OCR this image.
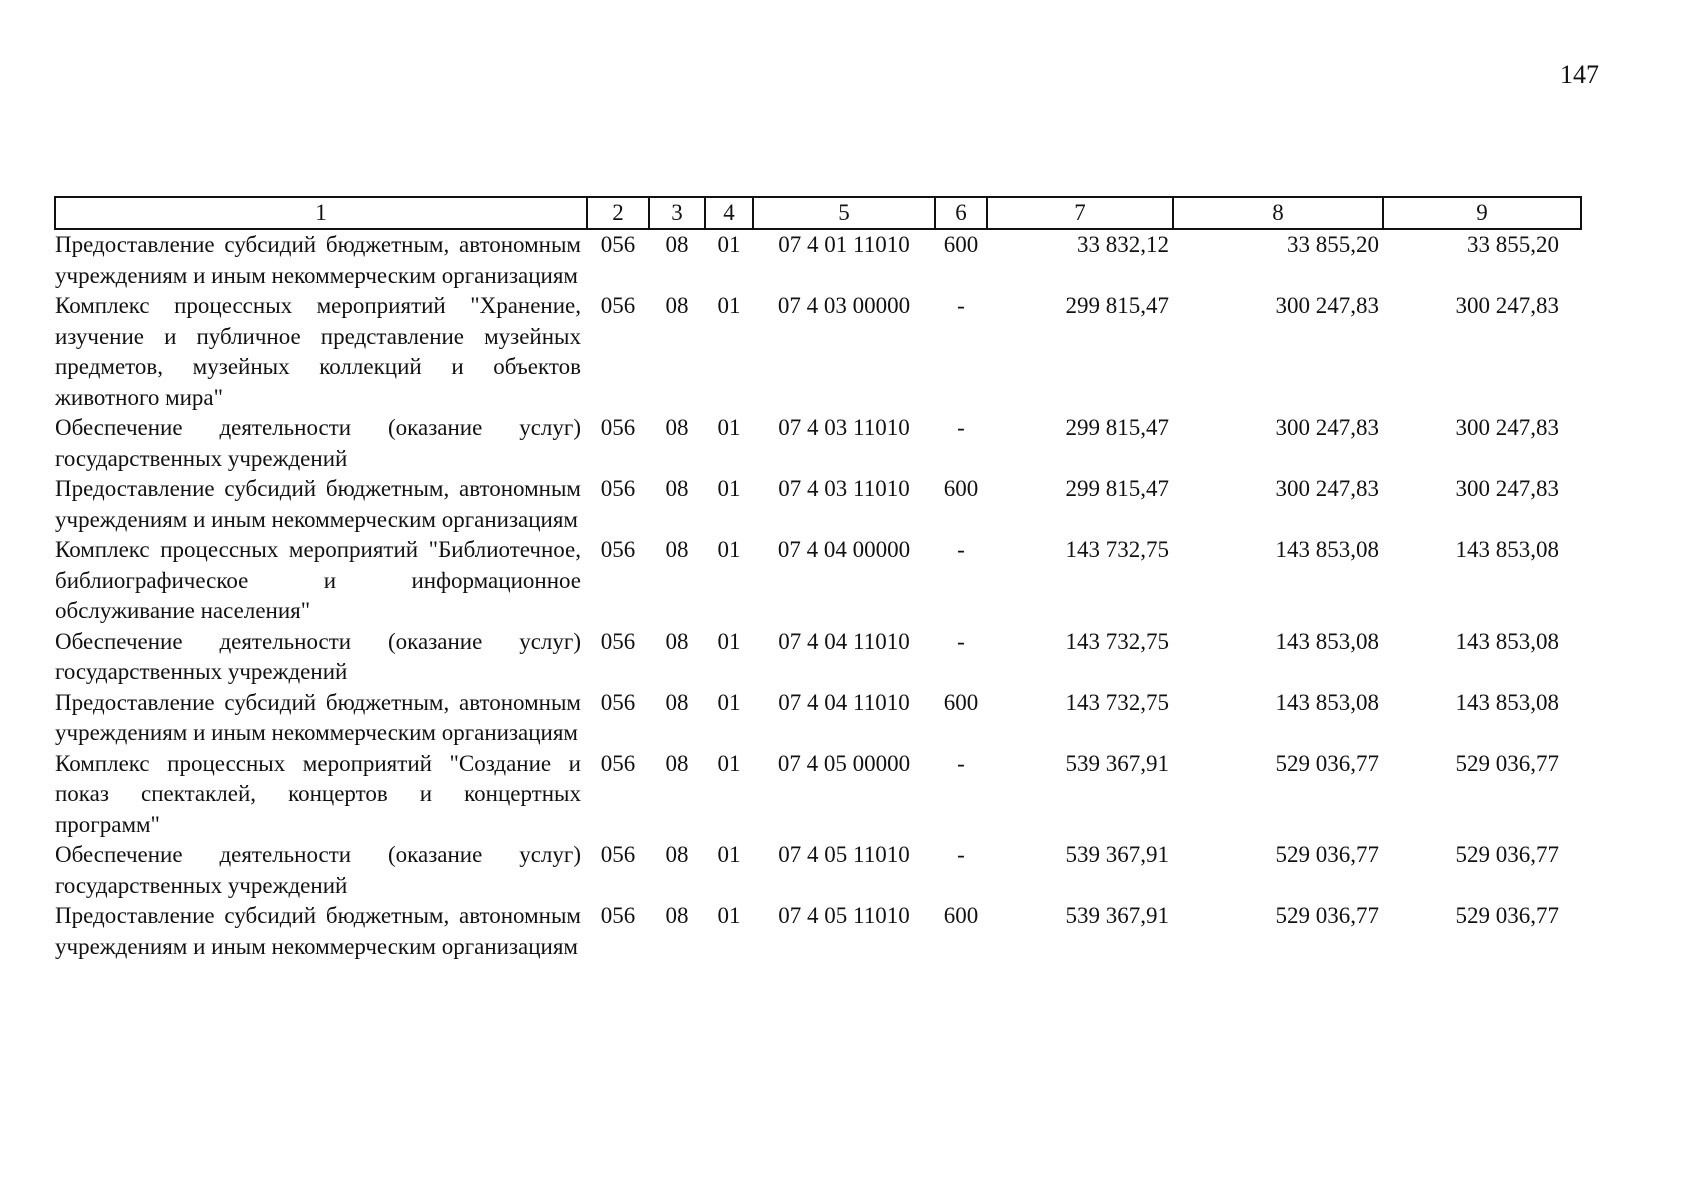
147
1	2	3	4	5	6	7	8	9
Предоставление субсидий бюджетным, автономным учреждениям и иным некоммерческим организациям	056	08	01	07 4 01 11010	600	33 832,12	33 855,20	33 855,20
Комплекс процессных мероприятий "Хранение, изучение и публичное представление музейных предметов, музейных коллекций и объектов животного мира"	056	08	01	07 4 03 00000	-	299 815,47	300 247,83	300 247,83
Обеспечение деятельности (оказание услуг) государственных учреждений	056	08	01	07 4 03 11010	-	299 815,47	300 247,83	300 247,83
Предоставление субсидий бюджетным, автономным учреждениям и иным некоммерческим организациям	056	08	01	07 4 03 11010	600	299 815,47	300 247,83	300 247,83
Комплекс процессных мероприятий "Библиотечное, библиографическое и информационное обслуживание населения"	056	08	01	07 4 04 00000	-	143 732,75	143 853,08	143 853,08
Обеспечение деятельности (оказание услуг) государственных учреждений	056	08	01	07 4 04 11010	-	143 732,75	143 853,08	143 853,08
Предоставление субсидий бюджетным, автономным учреждениям и иным некоммерческим организациям	056	08	01	07 4 04 11010	600	143 732,75	143 853,08	143 853,08
Комплекс процессных мероприятий "Создание и показ спектаклей, концертов и концертных программ"	056	08	01	07 4 05 00000	-	539 367,91	529 036,77	529 036,77
Обеспечение деятельности (оказание услуг) государственных учреждений	056	08	01	07 4 05 11010	-	539 367,91	529 036,77	529 036,77
Предоставление субсидий бюджетным, автономным учреждениям и иным некоммерческим организациям	056	08	01	07 4 05 11010	600	539 367,91	529 036,77	529 036,77
